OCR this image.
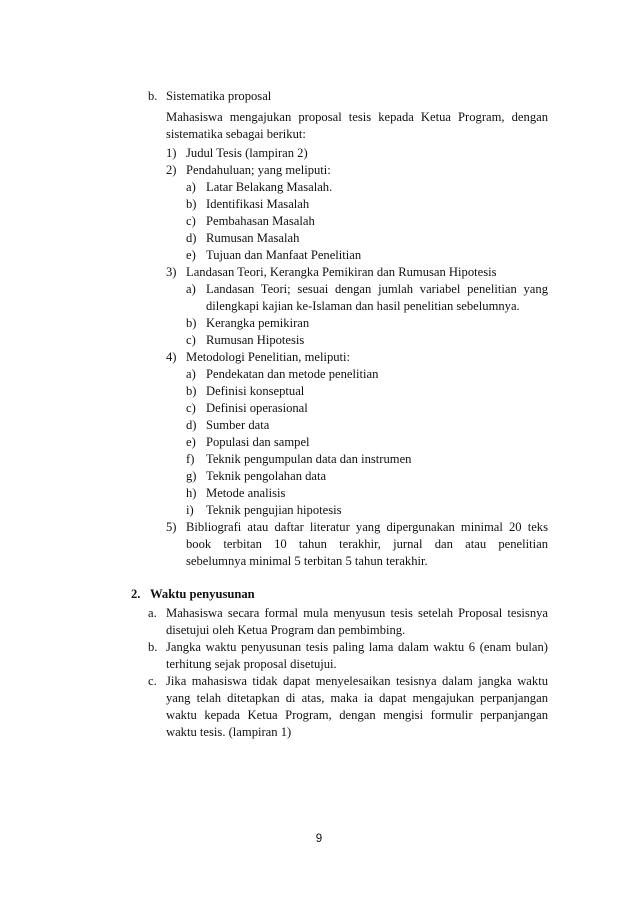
b. Sistematika proposal
Mahasiswa mengajukan proposal tesis kepada Ketua Program, dengan
sistematika sebagai berikut:
1) Judul Tesis (lampiran 2)
2) Pendahuluan; yang meliputi:
a) Latar Belakang Masalah.
b) Identifikasi Masalah
c) Pembahasan Masalah
d) Rumusan Masalah
e) Tujuan dan Manfaat Penelitian
3) Landasan Teori, Kerangka Pemikiran dan Rumusan Hipotesis
a) Landasan Teori; sesuai dengan jumlah variabel penelitian yang
dilengkapi kajian ke-Islaman dan hasil penelitian sebelumnya.
b) Kerangka pemikiran
c) Rumusan Hipotesis
4) Metodologi Penelitian, meliputi:
a) Pendekatan dan metode penelitian
b) Definisi konseptual
c) Definisi operasional
d) Sumber data
e) Populasi dan sampel
f) Teknik pengumpulan data dan instrumen
g) Teknik pengolahan data
h) Metode analisis
i) Teknik pengujian hipotesis
5) Bibliografi atau daftar literatur yang dipergunakan minimal 20 teks
book terbitan 10 tahun terakhir, jurnal dan atau penelitian
sebelumnya minimal 5 terbitan 5 tahun terakhir.
2. Waktu penyusunan
a. Mahasiswa secara formal mula menyusun tesis setelah Proposal tesisnya
disetujui oleh Ketua Program dan pembimbing.
b. Jangka waktu penyusunan tesis paling lama dalam waktu 6 (enam bulan)
terhitung sejak proposal disetujui.
c. Jika mahasiswa tidak dapat menyelesaikan tesisnya dalam jangka waktu
yang telah ditetapkan di atas, maka ia dapat mengajukan perpanjangan
waktu kepada Ketua Program, dengan mengisi formulir perpanjangan
waktu tesis. (lampiran 1)
9
